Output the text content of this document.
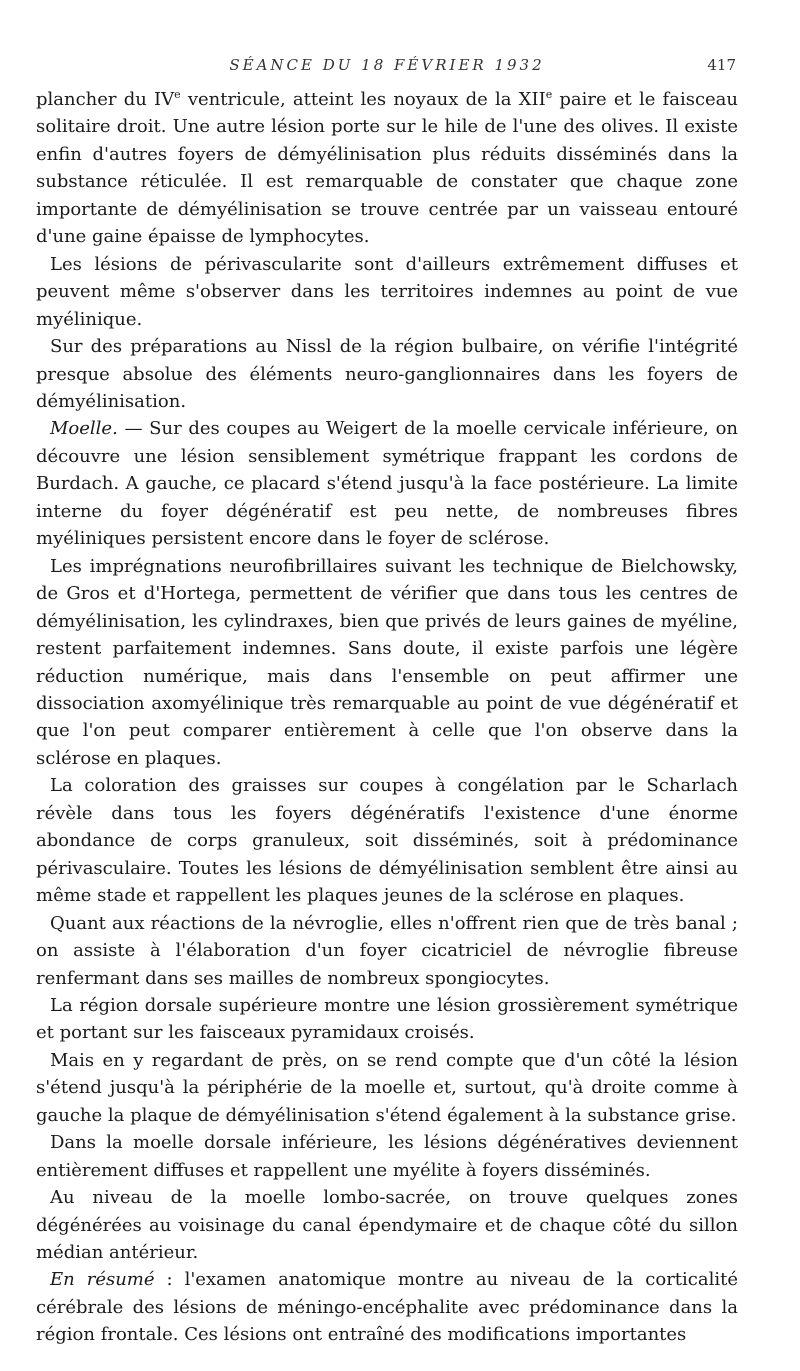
SÉANCE DU 18 FÉVRIER 1932	417

plancher du IVe ventricule, atteint les noyaux de la XIIe paire et le faisceau solitaire droit. Une autre lésion porte sur le hile de l'une des olives. Il existe enfin d'autres foyers de démyélinisation plus réduits disséminés dans la substance réticulée. Il est remarquable de constater que chaque zone importante de démyélinisation se trouve centrée par un vaisseau entouré d'une gaine épaisse de lymphocytes.

Les lésions de périvascularite sont d'ailleurs extrêmement diffuses et peuvent même s'observer dans les territoires indemnes au point de vue myélinique.

Sur des préparations au Nissl de la région bulbaire, on vérifie l'intégrité presque absolue des éléments neuro-ganglionnaires dans les foyers de démyélinisation.

Moelle. — Sur des coupes au Weigert de la moelle cervicale inférieure, on découvre une lésion sensiblement symétrique frappant les cordons de Burdach. A gauche, ce placard s'étend jusqu'à la face postérieure. La limite interne du foyer dégénératif est peu nette, de nombreuses fibres myéliniques persistent encore dans le foyer de sclérose.

Les imprégnations neurofibrillaires suivant les technique de Bielchowsky, de Gros et d'Hortega, permettent de vérifier que dans tous les centres de démyélinisation, les cylindraxes, bien que privés de leurs gaines de myéline, restent parfaitement indemnes. Sans doute, il existe parfois une légère réduction numérique, mais dans l'ensemble on peut affirmer une dissociation axomyélinique très remarquable au point de vue dégénératif et que l'on peut comparer entièrement à celle que l'on observe dans la sclérose en plaques.

La coloration des graisses sur coupes à congélation par le Scharlach révèle dans tous les foyers dégénératifs l'existence d'une énorme abondance de corps granuleux, soit disséminés, soit à prédominance périvasculaire. Toutes les lésions de démyélinisation semblent être ainsi au même stade et rappellent les plaques jeunes de la sclérose en plaques.

Quant aux réactions de la névroglie, elles n'offrent rien que de très banal ; on assiste à l'élaboration d'un foyer cicatriciel de névroglie fibreuse renfermant dans ses mailles de nombreux spongiocytes.

La région dorsale supérieure montre une lésion grossièrement symétrique et portant sur les faisceaux pyramidaux croisés.

Mais en y regardant de près, on se rend compte que d'un côté la lésion s'étend jusqu'à la périphérie de la moelle et, surtout, qu'à droite comme à gauche la plaque de démyélinisation s'étend également à la substance grise.

Dans la moelle dorsale inférieure, les lésions dégénératives deviennent entièrement diffuses et rappellent une myélite à foyers disséminés.

Au niveau de la moelle lombo-sacrée, on trouve quelques zones dégénérées au voisinage du canal épendymaire et de chaque côté du sillon médian antérieur.

En résumé : l'examen anatomique montre au niveau de la corticalité cérébrale des lésions de méningo-encéphalite avec prédominance dans la région frontale. Ces lésions ont entraîné des modifications importantes
